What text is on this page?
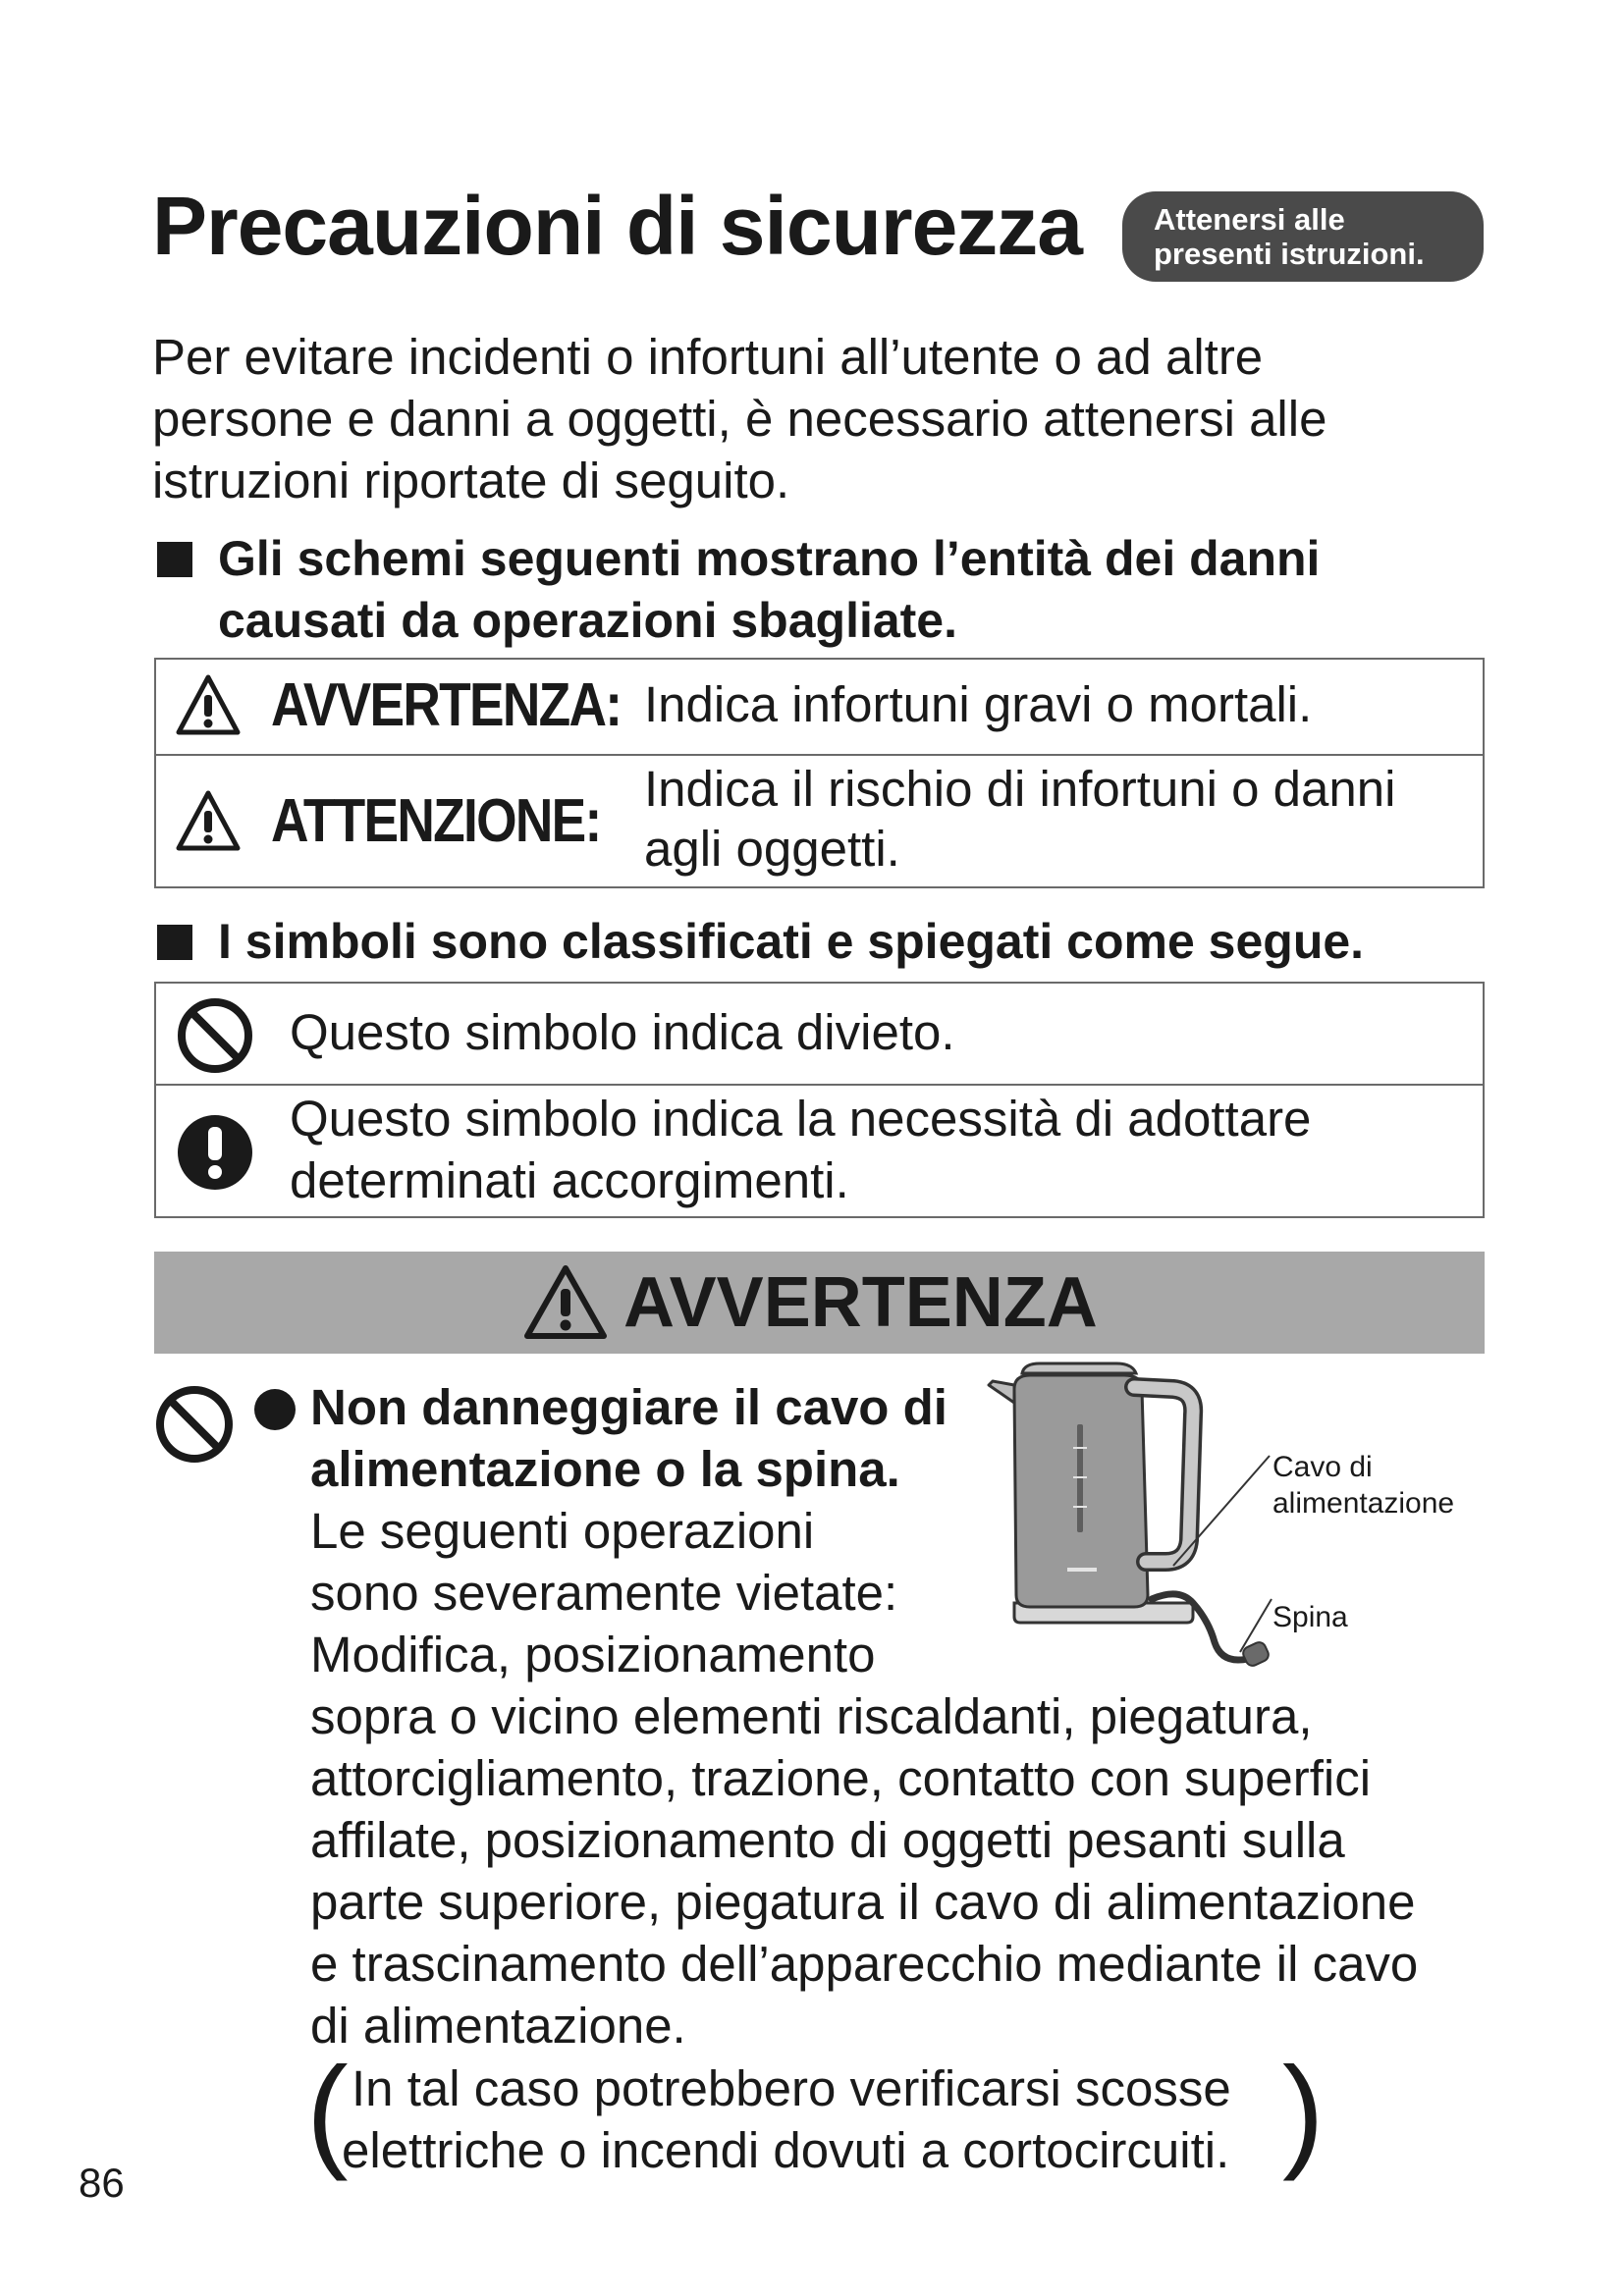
Precauzioni di sicurezza Attenersi alle
presenti istruzioni.

Per evitare incidenti o infortuni all’utente o ad altre
persone e danni a oggetti, è necessario attenersi alle
istruzioni riportate di seguito.

Gli schemi seguenti mostrano l’entità dei danni
causati da operazioni sbagliate.
AVVERTENZA: Indica infortuni gravi o mortali.
ATTENZIONE: Indica il rischio di infortuni o danni
agli oggetti.
I simboli sono classificati e spiegati come segue.
Questo simbolo indica divieto.
Questo simbolo indica la necessità di adottare
determinati accorgimenti.
AVVERTENZA
Non danneggiare il cavo di
alimentazione o la spina.
Le seguenti operazioni
sono severamente vietate:
Modifica, posizionamento
sopra o vicino elementi riscaldanti, piegatura,
attorcigliamento, trazione, contatto con superfici
affilate, posizionamento di oggetti pesanti sulla
parte superiore, piegatura il cavo di alimentazione
e trascinamento dell’apparecchio mediante il cavo
di alimentazione.
( In tal caso potrebbero verificarsi scosse
elettriche o incendi dovuti a cortocircuiti. )
Cavo di
alimentazione
Spina
86
